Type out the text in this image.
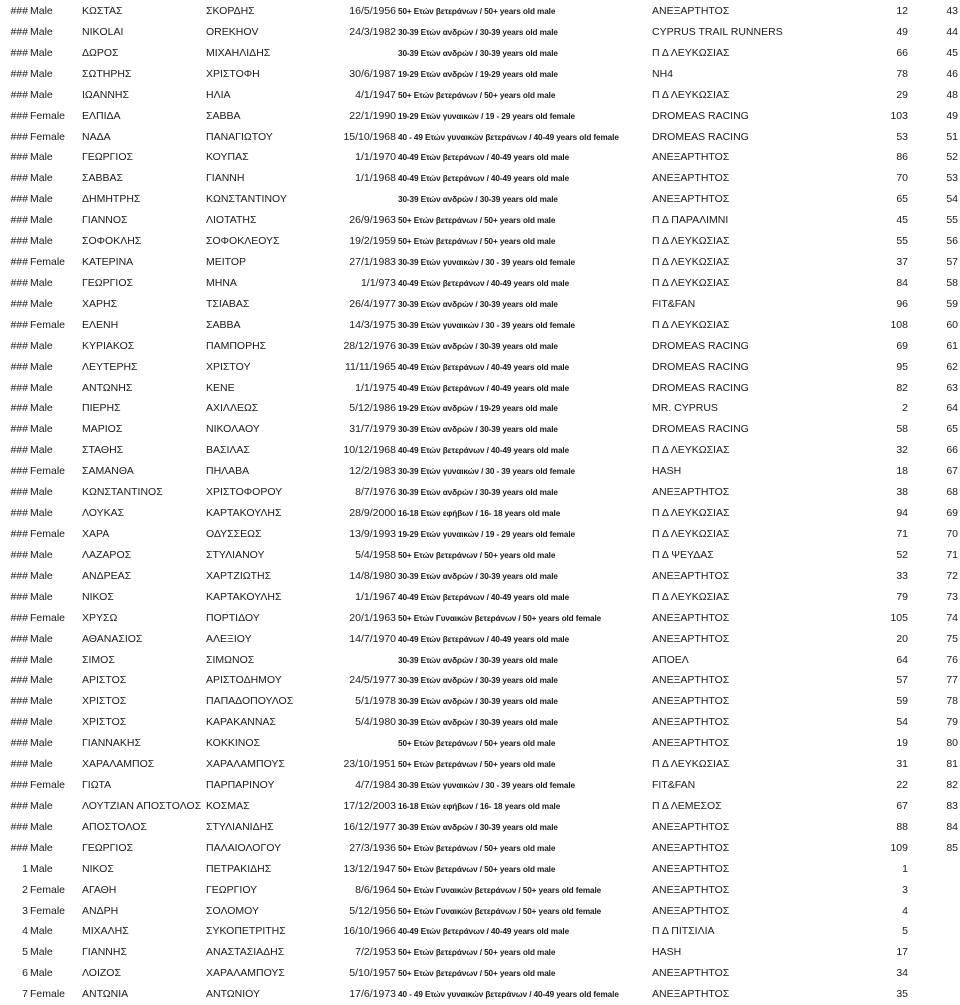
### Male	ΚΩΣΤΑΣ	ΣΚΟΡΔΗΣ	16/5/1956 50+ Ετών βετεράνων / 50+ years old male	ΑΝΕΞΑΡΤΗΤΟΣ	12	43
### Male	NIKOLAI	OREKHOV	24/3/1982 30-39 Ετών ανδρών / 30-39 years old male	CYPRUS TRAIL RUNNERS	49	44
### Male	ΔΩΡΟΣ	ΜΙΧΑΗΛΙΔΗΣ	30-39 Ετών ανδρών / 30-39 years old male	Π Δ ΛΕΥΚΩΣΙΑΣ	66	45
### Male	ΣΩΤΗΡΗΣ	ΧΡΙΣΤΟΦΗ	30/6/1987 19-29 Ετών ανδρών / 19-29 years old male	NH4	78	46
### Male	ΙΩΑΝΝΗΣ	ΗΛΙΑ	4/1/1947 50+ Ετών βετεράνων / 50+ years old male	Π Δ ΛΕΥΚΩΣΙΑΣ	29	48
### Female	ΕΛΠΙΔΑ	ΣΑΒΒΑ	22/1/1990 19-29 Ετών γυναικών / 19 - 29 years old female	DROMEAS RACING	103	49
### Female	ΝΑΔΑ	ΠΑΝΑΓΙΩΤΟΥ	15/10/1968 40 - 49 Ετών γυναικών βετεράνων / 40-49 years old female	DROMEAS RACING	53	51
### Male	ΓΕΩΡΓΙΟΣ	ΚΟΥΠΑΣ	1/1/1970 40-49 Ετών βετεράνων / 40-49 years old male	ΑΝΕΞΑΡΤΗΤΟΣ	86	52
### Male	ΣΑΒΒΑΣ	ΓΙΑΝΝΗ	1/1/1968 40-49 Ετών βετεράνων / 40-49 years old male	ΑΝΕΞΑΡΤΗΤΟΣ	70	53
### Male	ΔΗΜΗΤΡΗΣ	ΚΩΝΣΤΑΝΤΙΝΟΥ	30-39 Ετών ανδρών / 30-39 years old male	ΑΝΕΞΑΡΤΗΤΟΣ	65	54
### Male	ΓΙΑΝΝΟΣ	ΛΙΟΤΑΤΗΣ	26/9/1963 50+ Ετών βετεράνων / 50+ years old male	Π Δ ΠΑΡΑΛΙΜΝΙ	45	55
### Male	ΣΟΦΟΚΛΗΣ	ΣΟΦΟΚΛΕΟΥΣ	19/2/1959 50+ Ετών βετεράνων / 50+ years old male	Π Δ ΛΕΥΚΩΣΙΑΣ	55	56
### Female	ΚΑΤΕΡΙΝΑ	ΜΕΙΤΟΡ	27/1/1983 30-39 Ετών γυναικών / 30 - 39 years old female	Π Δ ΛΕΥΚΩΣΙΑΣ	37	57
### Male	ΓΕΩΡΓΙΟΣ	ΜΗΝΑ	1/1/973 40-49 Ετών βετεράνων / 40-49 years old male	Π Δ ΛΕΥΚΩΣΙΑΣ	84	58
### Male	ΧΑΡΗΣ	ΤΣΙΑΒΑΣ	26/4/1977 30-39 Ετών ανδρών / 30-39 years old male	FIT&FAN	96	59
### Female	ΕΛΕΝΗ	ΣΑΒΒΑ	14/3/1975 30-39 Ετών γυναικών / 30 - 39 years old female	Π Δ ΛΕΥΚΩΣΙΑΣ	108	60
### Male	ΚΥΡΙΑΚΟΣ	ΠΑΜΠΟΡΗΣ	28/12/1976 30-39 Ετών ανδρών / 30-39 years old male	DROMEAS RACING	69	61
### Male	ΛΕΥΤΕΡΗΣ	ΧΡΙΣΤΟΥ	11/11/1965 40-49 Ετών βετεράνων / 40-49 years old male	DROMEAS RACING	95	62
### Male	ΑΝΤΩΝΗΣ	ΚΕΝΕ	1/1/1975 40-49 Ετών βετεράνων / 40-49 years old male	DROMEAS RACING	82	63
### Male	ΠΙΕΡΗΣ	ΑΧΙΛΛΕΩΣ	5/12/1986 19-29 Ετών ανδρών / 19-29 years old male	MR. CYPRUS	2	64
### Male	ΜΑΡΙΟΣ	ΝΙΚΟΛΑΟΥ	31/7/1979 30-39 Ετών ανδρών / 30-39 years old male	DROMEAS RACING	58	65
### Male	ΣΤΑΘΗΣ	ΒΑΣΙΛΑΣ	10/12/1968 40-49 Ετών βετεράνων / 40-49 years old male	Π Δ ΛΕΥΚΩΣΙΑΣ	32	66
### Female	ΣΑΜΑΝΘΑ	ΠΗΛΑΒΑ	12/2/1983 30-39 Ετών γυναικών / 30 - 39 years old female	HASH	18	67
### Male	ΚΩΝΣΤΑΝΤΙΝΟΣ	ΧΡΙΣΤΟΦΟΡΟΥ	8/7/1976 30-39 Ετών ανδρών / 30-39 years old male	ΑΝΕΞΑΡΤΗΤΟΣ	38	68
### Male	ΛΟΥΚΑΣ	ΚΑΡΤΑΚΟΥΛΗΣ	28/9/2000 16-18 Ετών εφήβων / 16- 18 years old male	Π Δ ΛΕΥΚΩΣΙΑΣ	94	69
### Female	ΧΑΡΑ	ΟΔΥΣΣΕΩΣ	13/9/1993 19-29 Ετών γυναικών / 19 - 29 years old female	Π Δ ΛΕΥΚΩΣΙΑΣ	71	70
### Male	ΛΑΖΑΡΟΣ	ΣΤΥΛΙΑΝΟΥ	5/4/1958 50+ Ετών βετεράνων / 50+ years old male	Π Δ ΨΕΥΔΑΣ	52	71
### Male	ΑΝΔΡΕΑΣ	ΧΑΡΤΖΙΩΤΗΣ	14/8/1980 30-39 Ετών ανδρών / 30-39 years old male	ΑΝΕΞΑΡΤΗΤΟΣ	33	72
### Male	ΝΙΚΟΣ	ΚΑΡΤΑΚΟΥΛΗΣ	1/1/1967 40-49 Ετών βετεράνων / 40-49 years old male	Π Δ ΛΕΥΚΩΣΙΑΣ	79	73
### Female	ΧΡΥΣΩ	ΠΟΡΤΙΔΟΥ	20/1/1963 50+ Ετών Γυναικών βετεράνων / 50+ years old female	ΑΝΕΞΑΡΤΗΤΟΣ	105	74
### Male	ΑΘΑΝΑΣΙΟΣ	ΑΛΕΞΙΟΥ	14/7/1970 40-49 Ετών βετεράνων / 40-49 years old male	ΑΝΕΞΑΡΤΗΤΟΣ	20	75
### Male	ΣΙΜΟΣ	ΣΙΜΩΝΟΣ	30-39 Ετών ανδρών / 30-39 years old male	ΑΠΟΕΛ	64	76
### Male	ΑΡΙΣΤΟΣ	ΑΡΙΣΤΟΔΗΜΟΥ	24/5/1977 30-39 Ετών ανδρών / 30-39 years old male	ΑΝΕΞΑΡΤΗΤΟΣ	57	77
### Male	ΧΡΙΣΤΟΣ	ΠΑΠΑΔΟΠΟΥΛΟΣ	5/1/1978 30-39 Ετών ανδρών / 30-39 years old male	ΑΝΕΞΑΡΤΗΤΟΣ	59	78
### Male	ΧΡΙΣΤΟΣ	ΚΑΡΑΚΑΝΝΑΣ	5/4/1980 30-39 Ετών ανδρών / 30-39 years old male	ΑΝΕΞΑΡΤΗΤΟΣ	54	79
### Male	ΓΙΑΝΝΑΚΗΣ	ΚΟΚΚΙΝΟΣ	50+ Ετών βετεράνων / 50+ years old male	ΑΝΕΞΑΡΤΗΤΟΣ	19	80
### Male	ΧΑΡΑΛΑΜΠΟΣ	ΧΑΡΑΛΑΜΠΟΥΣ	23/10/1951 50+ Ετών βετεράνων / 50+ years old male	Π Δ ΛΕΥΚΩΣΙΑΣ	31	81
### Female	ΓΙΩΤΑ	ΠΑΡΠΑΡΙΝΟΥ	4/7/1984 30-39 Ετών γυναικών / 30 - 39 years old female	FIT&FAN	22	82
### Male	ΛΟΥΤΖΙΑΝ ΑΠΟΣΤΟΛΟΣ ΚΟΣΜΑΣ	17/12/2003 16-18 Ετών εφήβων / 16- 18 years old male	Π Δ ΛΕΜΕΣΟΣ	67	83
### Male	ΑΠΟΣΤΟΛΟΣ	ΣΤΥΛΙΑΝΙΔΗΣ	16/12/1977 30-39 Ετών ανδρών / 30-39 years old male	ΑΝΕΞΑΡΤΗΤΟΣ	88	84
### Male	ΓΕΩΡΓΙΟΣ	ΠΑΛΑΙΟΛΟΓΟΥ	27/3/1936 50+ Ετών βετεράνων / 50+ years old male	ΑΝΕΞΑΡΤΗΤΟΣ	109	85
1 Male	ΝΙΚΟΣ	ΠΕΤΡΑΚΙΔΗΣ	13/12/1947 50+ Ετών βετεράνων / 50+ years old male	ΑΝΕΞΑΡΤΗΤΟΣ	1
2 Female	ΑΓΑΘΗ	ΓΕΩΡΓΙΟΥ	8/6/1964 50+ Ετών Γυναικών βετεράνων / 50+ years old female	ΑΝΕΞΑΡΤΗΤΟΣ	3
3 Female	ΑΝΔΡΗ	ΣΟΛΟΜΟΥ	5/12/1956 50+ Ετών Γυναικών βετεράνων / 50+ years old female	ΑΝΕΞΑΡΤΗΤΟΣ	4
4 Male	ΜΙΧΑΛΗΣ	ΣΥΚΟΠΕΤΡΙΤΗΣ	16/10/1966 40-49 Ετών βετεράνων / 40-49 years old male	Π Δ ΠΙΤΣΙΛΙΑ	5
5 Male	ΓΙΑΝΝΗΣ	ΑΝΑΣΤΑΣΙΑΔΗΣ	7/2/1953 50+ Ετών βετεράνων / 50+ years old male	HASH	17
6 Male	ΛΟΙΖΟΣ	ΧΑΡΑΛΑΜΠΟΥΣ	5/10/1957 50+ Ετών βετεράνων / 50+ years old male	ΑΝΕΞΑΡΤΗΤΟΣ	34
7 Female	ΑΝΤΩΝΙΑ	ΑΝΤΩΝΙΟΥ	17/6/1973 40 - 49 Ετών γυναικών βετεράνων / 40-49 years old female	ΑΝΕΞΑΡΤΗΤΟΣ	35
